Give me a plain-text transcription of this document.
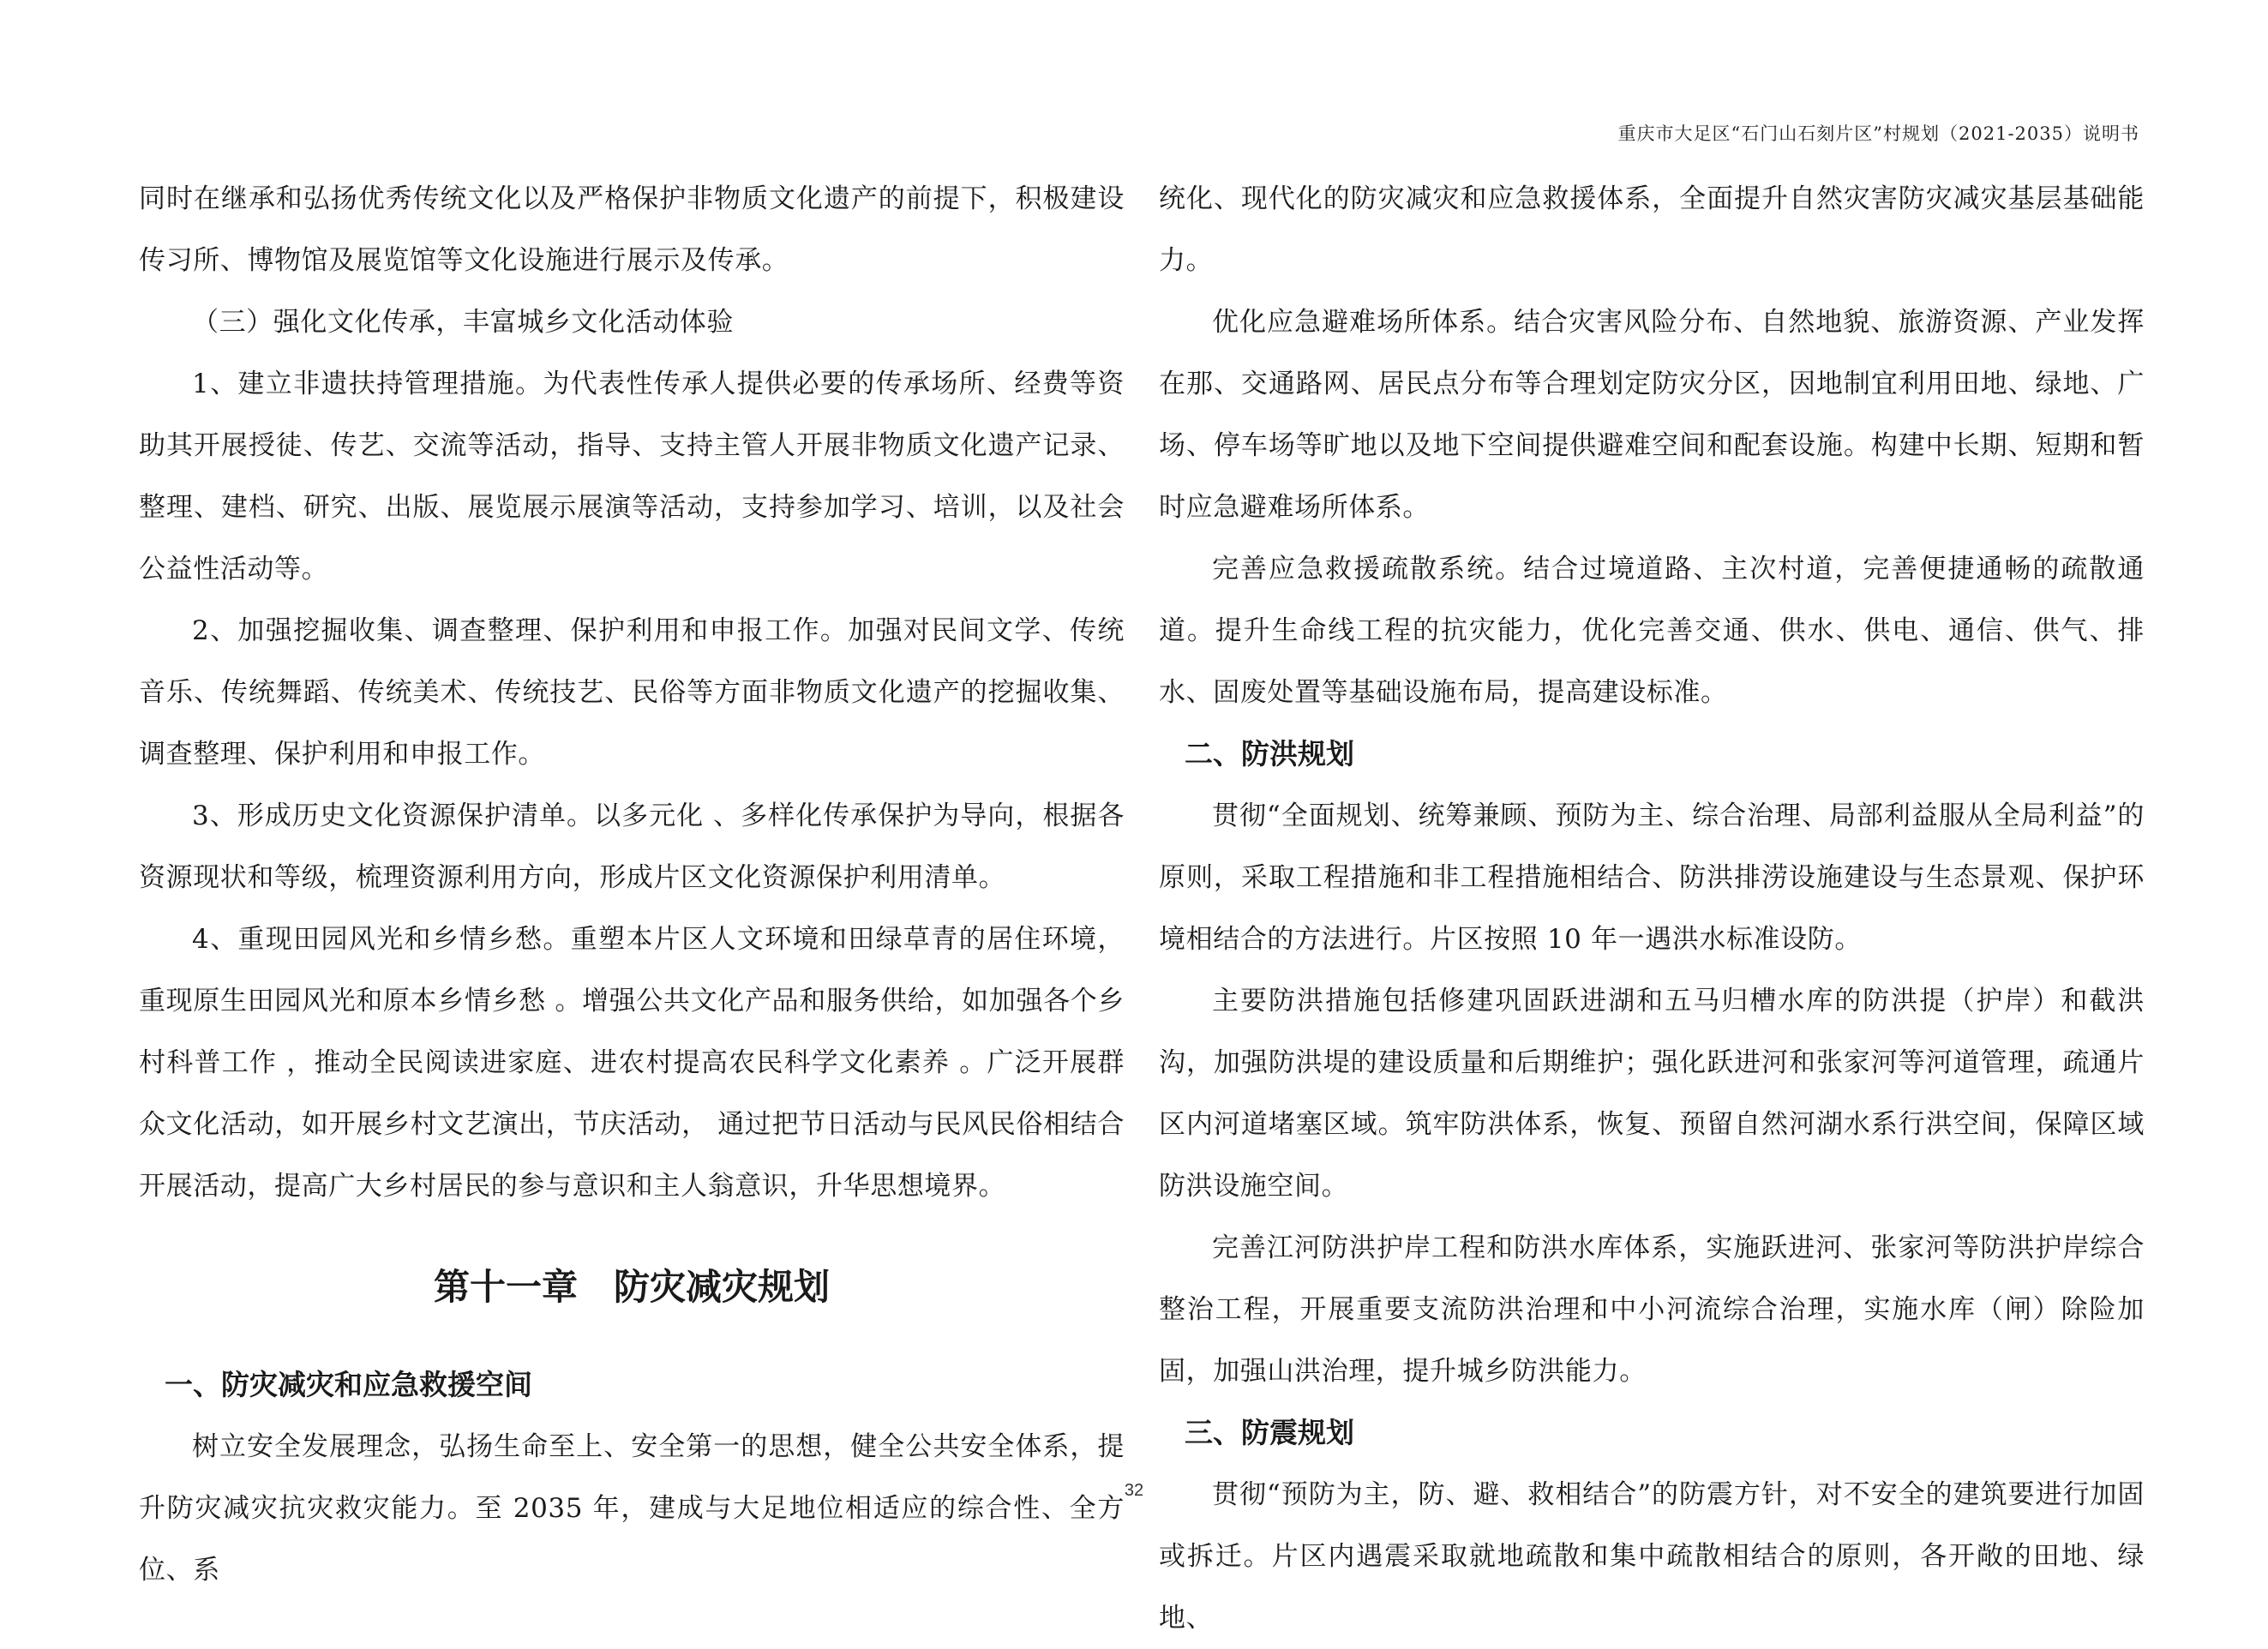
重庆市大足区“石门山石刻片区”村规划（2021-2035）说明书

同时在继承和弘扬优秀传统文化以及严格保护非物质文化遗产的前提下，积极建设传习所、博物馆及展览馆等文化设施进行展示及传承。

（三）强化文化传承，丰富城乡文化活动体验

1、建立非遗扶持管理措施。为代表性传承人提供必要的传承场所、经费等资助其开展授徒、传艺、交流等活动，指导、支持主管人开展非物质文化遗产记录、整理、建档、研究、出版、展览展示展演等活动，支持参加学习、培训，以及社会公益性活动等。

2、加强挖掘收集、调查整理、保护利用和申报工作。加强对民间文学、传统音乐、传统舞蹈、传统美术、传统技艺、民俗等方面非物质文化遗产的挖掘收集、调查整理、保护利用和申报工作。

3、形成历史文化资源保护清单。以多元化 、多样化传承保护为导向，根据各资源现状和等级，梳理资源利用方向，形成片区文化资源保护利用清单。

4、重现田园风光和乡情乡愁。重塑本片区人文环境和田绿草青的居住环境，重现原生田园风光和原本乡情乡愁 。增强公共文化产品和服务供给，如加强各个乡村科普工作 ，推动全民阅读进家庭、进农村提高农民科学文化素养 。广泛开展群众文化活动，如开展乡村文艺演出，节庆活动， 通过把节日活动与民风民俗相结合开展活动，提高广大乡村居民的参与意识和主人翁意识，升华思想境界。

第十一章　防灾减灾规划
一、防灾减灾和应急救援空间

树立安全发展理念，弘扬生命至上、安全第一的思想，健全公共安全体系，提升防灾减灾抗灾救灾能力。至 2035 年，建成与大足地位相适应的综合性、全方位、系

统化、现代化的防灾减灾和应急救援体系，全面提升自然灾害防灾减灾基层基础能力。

优化应急避难场所体系。结合灾害风险分布、自然地貌、旅游资源、产业发挥在那、交通路网、居民点分布等合理划定防灾分区，因地制宜利用田地、绿地、广场、停车场等旷地以及地下空间提供避难空间和配套设施。构建中长期、短期和暂时应急避难场所体系。

完善应急救援疏散系统。结合过境道路、主次村道，完善便捷通畅的疏散通道。提升生命线工程的抗灾能力，优化完善交通、供水、供电、通信、供气、排水、固废处置等基础设施布局，提高建设标准。

二、防洪规划

贯彻“全面规划、统筹兼顾、预防为主、综合治理、局部利益服从全局利益”的原则，采取工程措施和非工程措施相结合、防洪排涝设施建设与生态景观、保护环境相结合的方法进行。片区按照 10 年一遇洪水标准设防。

主要防洪措施包括修建巩固跃进湖和五马归槽水库的防洪提（护岸）和截洪沟，加强防洪堤的建设质量和后期维护；强化跃进河和张家河等河道管理，疏通片区内河道堵塞区域。筑牢防洪体系，恢复、预留自然河湖水系行洪空间，保障区域防洪设施空间。

完善江河防洪护岸工程和防洪水库体系，实施跃进河、张家河等防洪护岸综合整治工程，开展重要支流防洪治理和中小河流综合治理，实施水库（闸）除险加固，加强山洪治理，提升城乡防洪能力。

三、防震规划

贯彻“预防为主，防、避、救相结合”的防震方针，对不安全的建筑要进行加固或拆迁。片区内遇震采取就地疏散和集中疏散相结合的原则，各开敞的田地、绿地、

32
